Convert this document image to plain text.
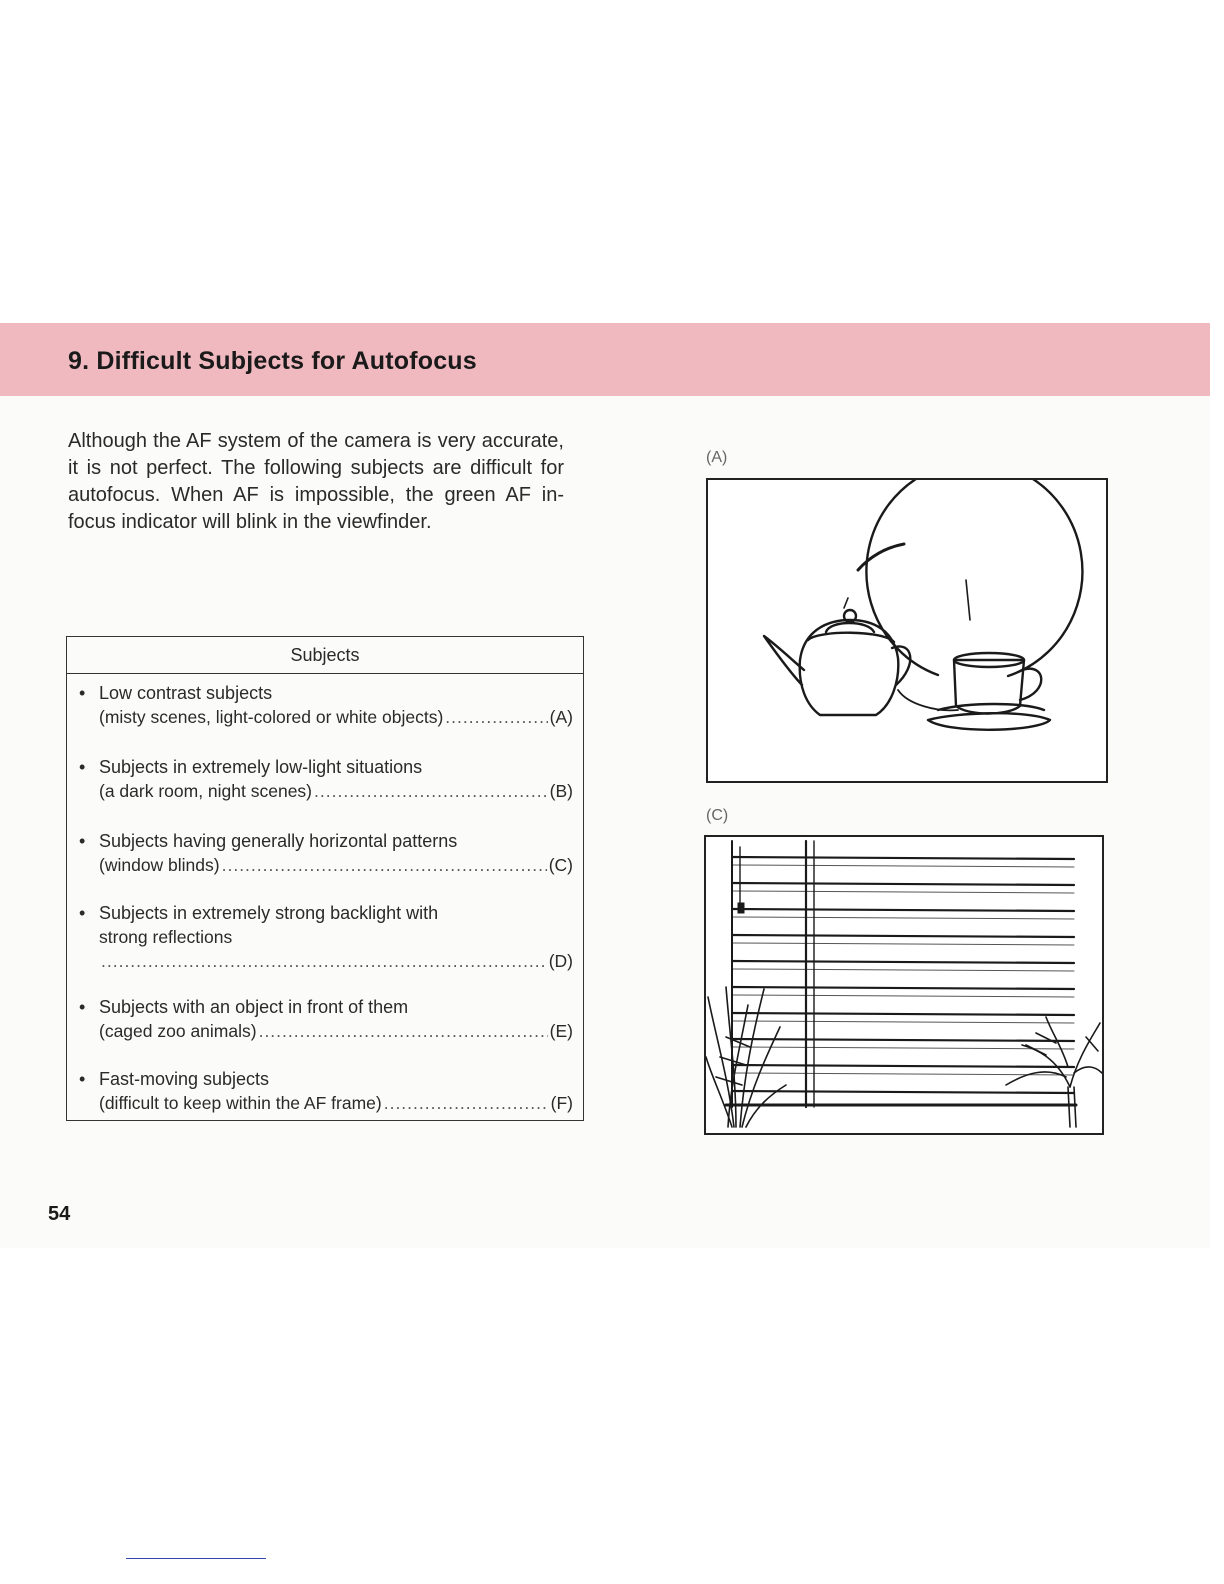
9. Difficult Subjects for Autofocus
Although the AF system of the camera is very accurate, it is not perfect. The following subjects are difficult for autofocus. When AF is impossible, the green AF in-focus indicator will blink in the viewfinder.
Subjects
• Low contrast subjects
(misty scenes, light-colored or white objects) .....	(A)
• Subjects in extremely low-light situations
(a dark room, night scenes) .....	(B)
• Subjects having generally horizontal patterns
(window blinds) .....	(C)
• Subjects in extremely strong backlight with
strong reflections
.....
(D)
• Subjects with an object in front of them
(caged zoo animals) .....	(E)
• Fast-moving subjects
(difficult to keep within the AF frame) .....	(F)
(A)
(C)
54
